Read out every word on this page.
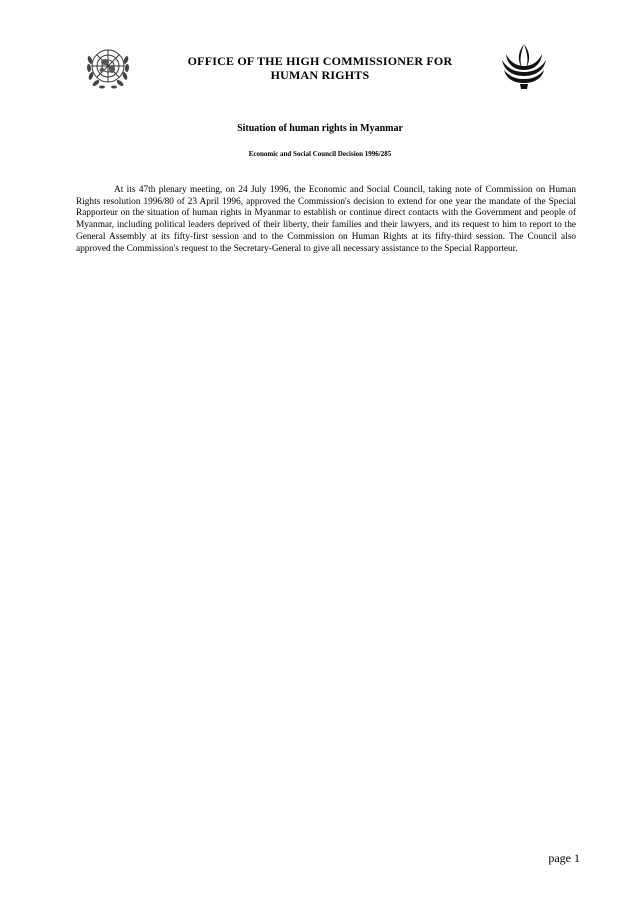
OFFICE OF THE HIGH COMMISSIONER FOR
HUMAN RIGHTS
Situation of human rights in Myanmar
Economic and Social Council Decision 1996/285

At its 47th plenary meeting, on 24 July 1996, the Economic and Social Council, taking note of Commission on Human Rights resolution 1996/80 of 23 April 1996, approved the Commission's decision to extend for one year the mandate of the Special Rapporteur on the situation of human rights in Myanmar to establish or continue direct contacts with the Government and people of Myanmar, including political leaders deprived of their liberty, their families and their lawyers, and its request to him to report to the General Assembly at its fifty-first session and to the Commission on Human Rights at its fifty-third session. The Council also approved the Commission's request to the Secretary-General to give all necessary assistance to the Special Rapporteur.

page 1
